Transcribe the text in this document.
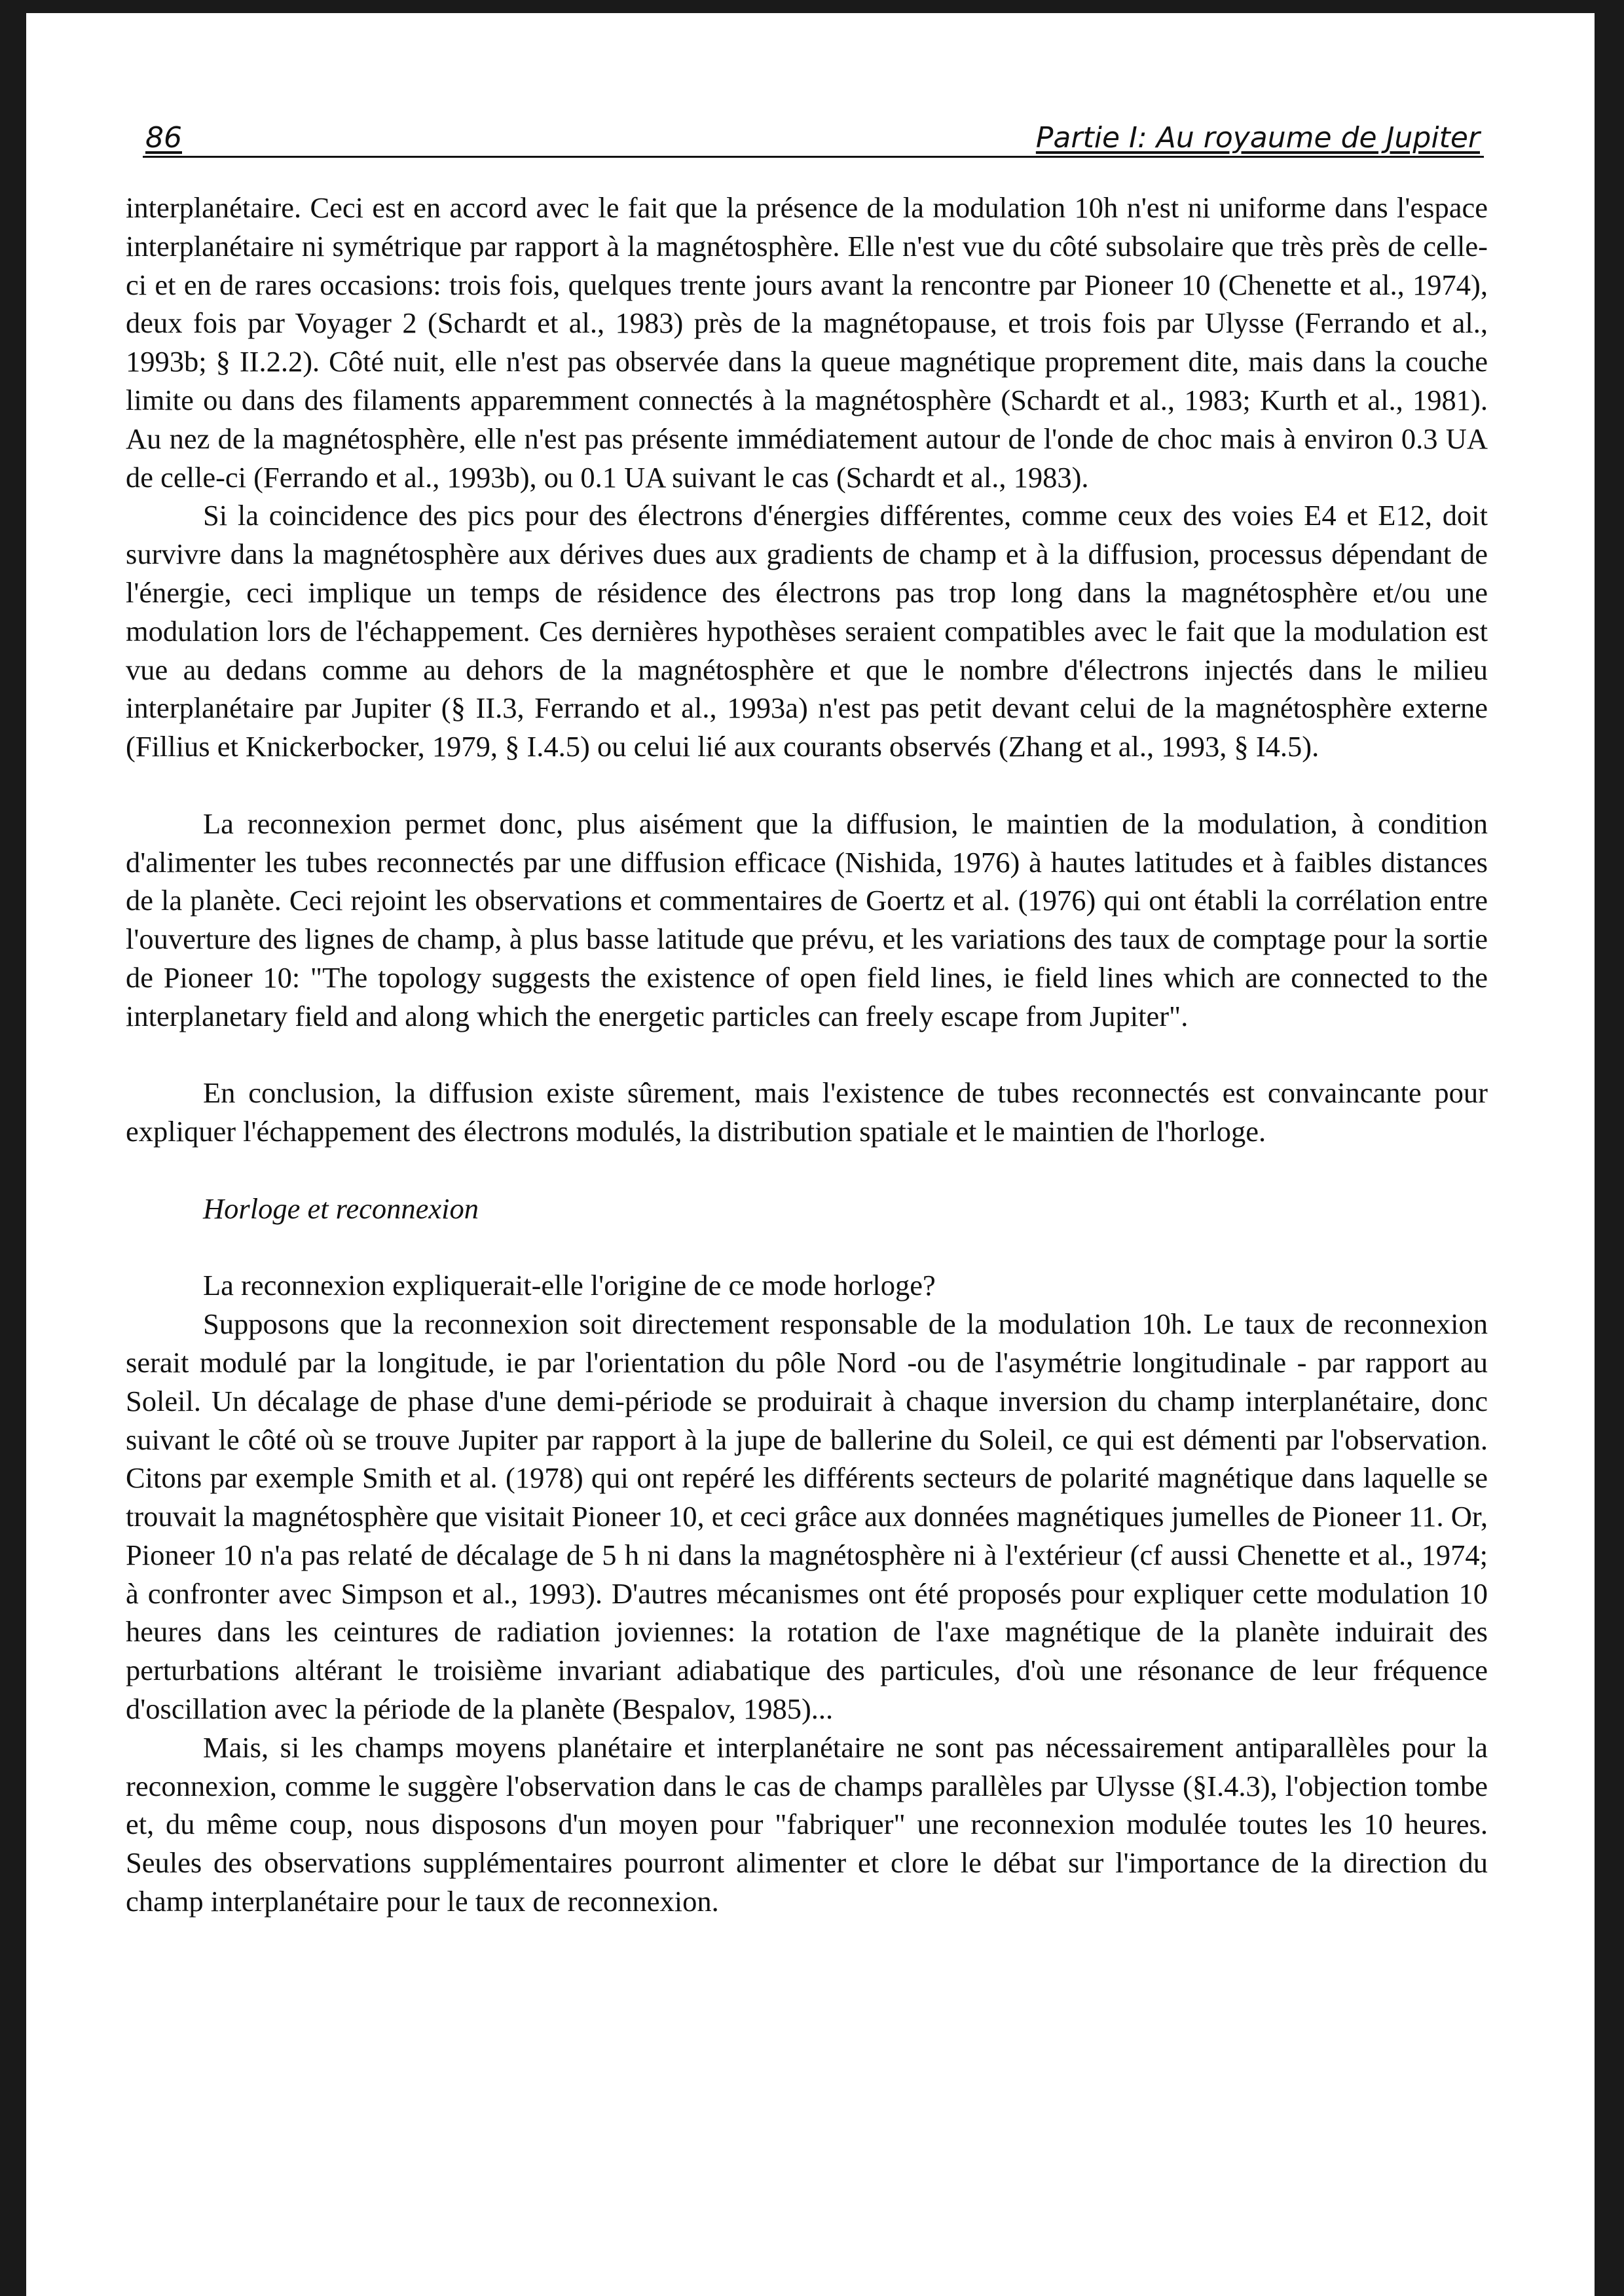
86	Partie I: Au royaume de Jupiter

interplanétaire. Ceci est en accord avec le fait que la présence de la modulation 10h n'est ni uniforme dans l'espace interplanétaire ni symétrique par rapport à la magnétosphère. Elle n'est vue du côté subsolaire que très près de celle-ci et en de rares occasions: trois fois, quelques trente jours avant la rencontre par Pioneer 10 (Chenette et al., 1974), deux fois par Voyager 2 (Schardt et al., 1983) près de la magnétopause, et trois fois par Ulysse (Ferrando et al., 1993b; § II.2.2). Côté nuit, elle n'est pas observée dans la queue magnétique proprement dite, mais dans la couche limite ou dans des filaments apparemment connectés à la magnétosphère (Schardt et al., 1983; Kurth et al., 1981). Au nez de la magnétosphère, elle n'est pas présente immédiatement autour de l'onde de choc mais à environ 0.3 UA de celle-ci (Ferrando et al., 1993b), ou 0.1 UA suivant le cas (Schardt et al., 1983).

Si la coincidence des pics pour des électrons d'énergies différentes, comme ceux des voies E4 et E12, doit survivre dans la magnétosphère aux dérives dues aux gradients de champ et à la diffusion, processus dépendant de l'énergie, ceci implique un temps de résidence des électrons pas trop long dans la magnétosphère et/ou une modulation lors de l'échappement. Ces dernières hypothèses seraient compatibles avec le fait que la modulation est vue au dedans comme au dehors de la magnétosphère et que le nombre d'électrons injectés dans le milieu interplanétaire par Jupiter (§ II.3, Ferrando et al., 1993a) n'est pas petit devant celui de la magnétosphère externe (Fillius et Knickerbocker, 1979, § I.4.5) ou celui lié aux courants observés (Zhang et al., 1993, § I4.5).

La reconnexion permet donc, plus aisément que la diffusion, le maintien de la modulation, à condition d'alimenter les tubes reconnectés par une diffusion efficace (Nishida, 1976) à hautes latitudes et à faibles distances de la planète. Ceci rejoint les observations et commentaires de Goertz et al. (1976) qui ont établi la corrélation entre l'ouverture des lignes de champ, à plus basse latitude que prévu, et les variations des taux de comptage pour la sortie de Pioneer 10: "The topology suggests the existence of open field lines, ie field lines which are connected to the interplanetary field and along which the energetic particles can freely escape from Jupiter".

En conclusion, la diffusion existe sûrement, mais l'existence de tubes reconnectés est convaincante pour expliquer l'échappement des électrons modulés, la distribution spatiale et le maintien de l'horloge.

Horloge et reconnexion

La reconnexion expliquerait-elle l'origine de ce mode horloge?

Supposons que la reconnexion soit directement responsable de la modulation 10h. Le taux de reconnexion serait modulé par la longitude, ie par l'orientation du pôle Nord -ou de l'asymétrie longitudinale - par rapport au Soleil. Un décalage de phase d'une demi-période se produirait à chaque inversion du champ interplanétaire, donc suivant le côté où se trouve Jupiter par rapport à la jupe de ballerine du Soleil, ce qui est démenti par l'observation. Citons par exemple Smith et al. (1978) qui ont repéré les différents secteurs de polarité magnétique dans laquelle se trouvait la magnétosphère que visitait Pioneer 10, et ceci grâce aux données magnétiques jumelles de Pioneer 11. Or, Pioneer 10 n'a pas relaté de décalage de 5 h ni dans la magnétosphère ni à l'extérieur (cf aussi Chenette et al., 1974; à confronter avec Simpson et al., 1993). D'autres mécanismes ont été proposés pour expliquer cette modulation 10 heures dans les ceintures de radiation joviennes: la rotation de l'axe magnétique de la planète induirait des perturbations altérant le troisième invariant adiabatique des particules, d'où une résonance de leur fréquence d'oscillation avec la période de la planète (Bespalov, 1985)...

Mais, si les champs moyens planétaire et interplanétaire ne sont pas nécessairement antiparallèles pour la reconnexion, comme le suggère l'observation dans le cas de champs parallèles par Ulysse (§I.4.3), l'objection tombe et, du même coup, nous disposons d'un moyen pour "fabriquer" une reconnexion modulée toutes les 10 heures. Seules des observations supplémentaires pourront alimenter et clore le débat sur l'importance de la direction du champ interplanétaire pour le taux de reconnexion.
